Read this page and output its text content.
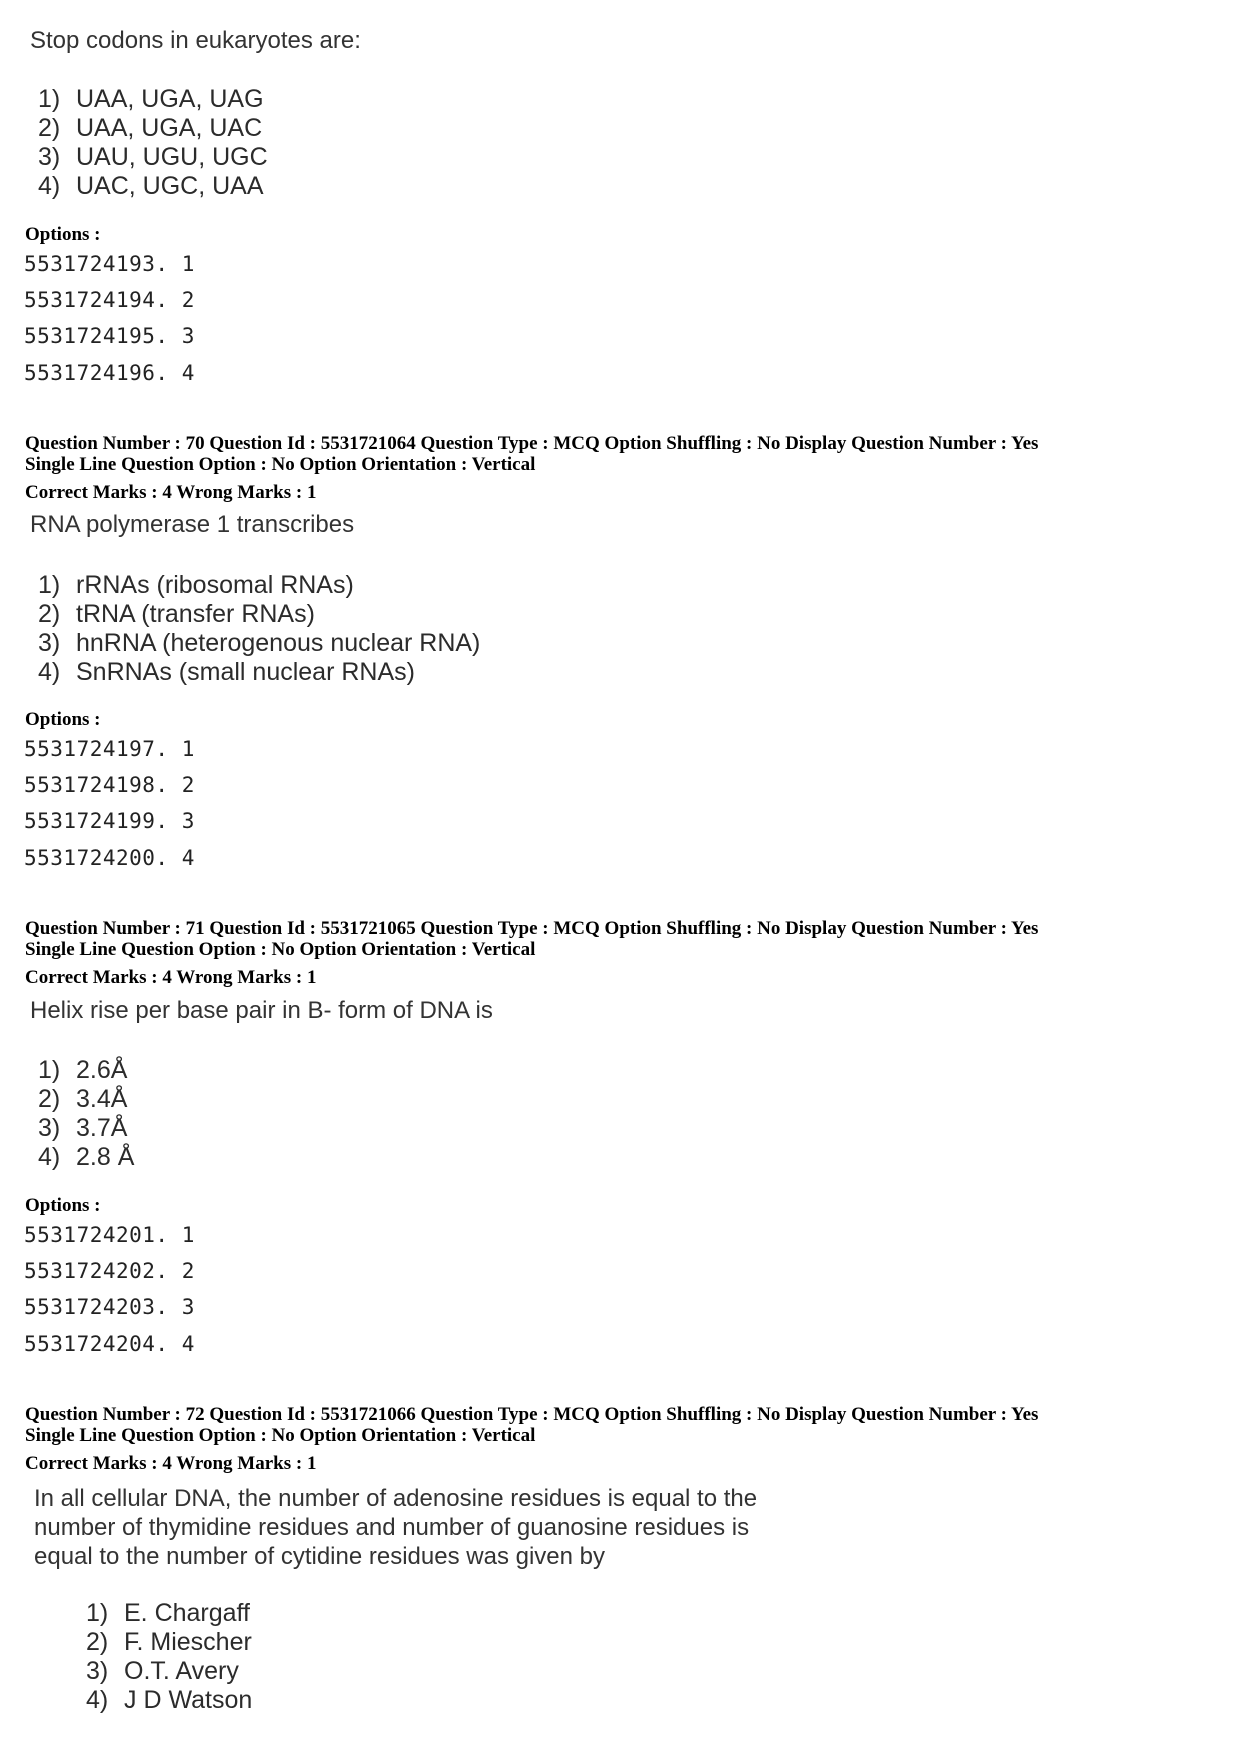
Stop codons in eukaryotes are:
1) UAA, UGA, UAG
2) UAA, UGA, UAC
3) UAU, UGU, UGC
4) UAC, UGC, UAA
Options :
5531724193. 1
5531724194. 2
5531724195. 3
5531724196. 4
Question Number : 70 Question Id : 5531721064 Question Type : MCQ Option Shuffling : No Display Question Number : Yes
Single Line Question Option : No Option Orientation : Vertical
Correct Marks : 4 Wrong Marks : 1
RNA polymerase 1 transcribes
1) rRNAs (ribosomal RNAs)
2) tRNA (transfer RNAs)
3) hnRNA (heterogenous nuclear RNA)
4) SnRNAs (small nuclear RNAs)
Options :
5531724197. 1
5531724198. 2
5531724199. 3
5531724200. 4
Question Number : 71 Question Id : 5531721065 Question Type : MCQ Option Shuffling : No Display Question Number : Yes
Single Line Question Option : No Option Orientation : Vertical
Correct Marks : 4 Wrong Marks : 1
Helix rise per base pair in B- form of DNA is
1) 2.6Å
2) 3.4Å
3) 3.7Å
4) 2.8 Å
Options :
5531724201. 1
5531724202. 2
5531724203. 3
5531724204. 4
Question Number : 72 Question Id : 5531721066 Question Type : MCQ Option Shuffling : No Display Question Number : Yes
Single Line Question Option : No Option Orientation : Vertical
Correct Marks : 4 Wrong Marks : 1
In all cellular DNA, the number of adenosine residues is equal to the number of thymidine residues and number of guanosine residues is equal to the number of cytidine residues was given by
1) E. Chargaff
2) F. Miescher
3) O.T. Avery
4) J D Watson
